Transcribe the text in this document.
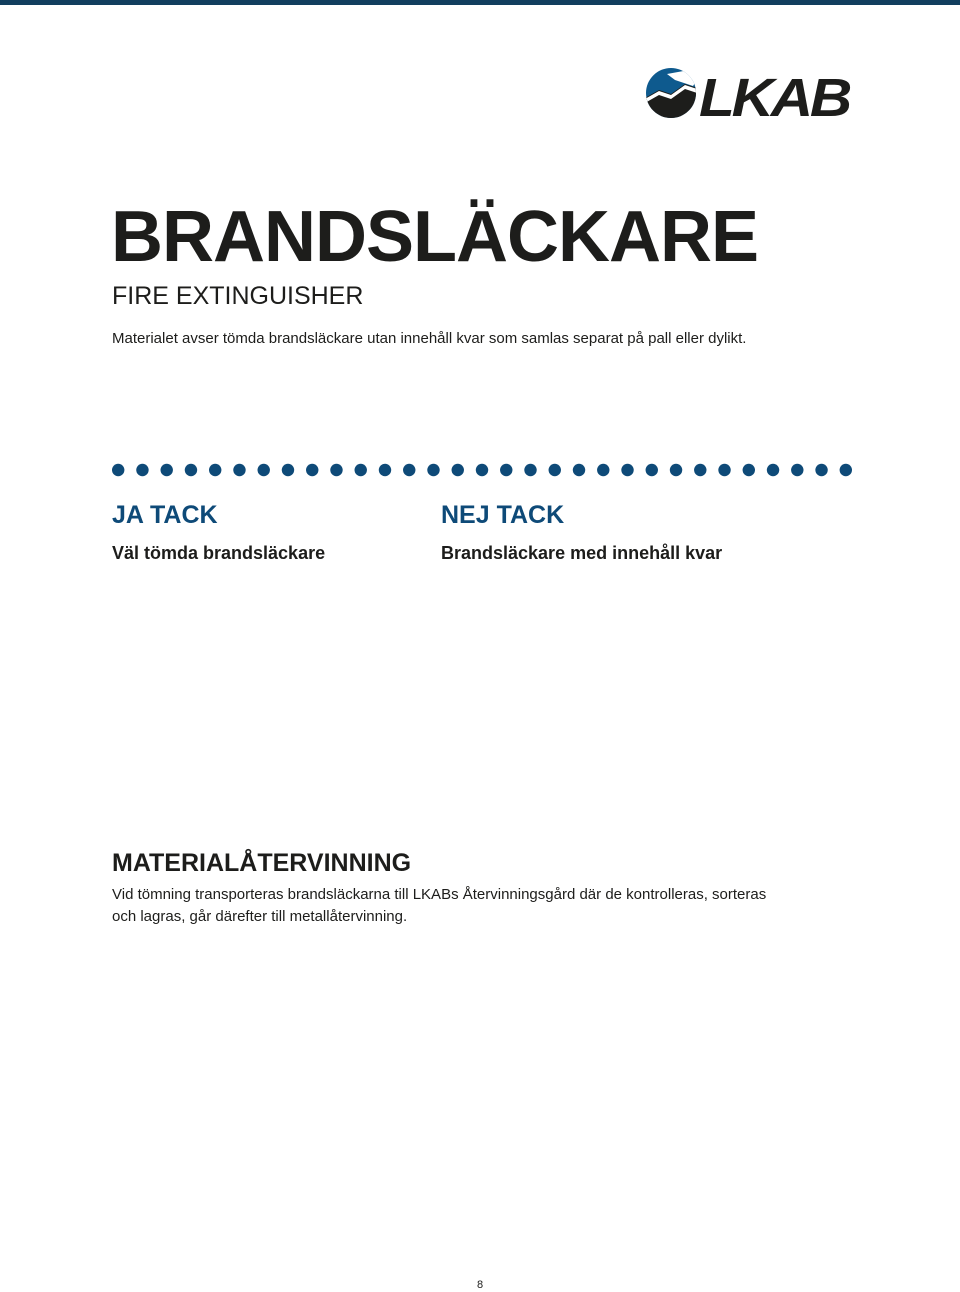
LKAB
BRANDSLÄCKARE
FIRE EXTINGUISHER

Materialet avser tömda brandsläckare utan innehåll kvar som samlas separat på pall eller dylikt.

JA TACK

Väl tömda brandsläckare

NEJ TACK

Brandsläckare med innehåll kvar

MATERIALÅTERVINNING

Vid tömning transporteras brandsläckarna till LKABs Återvinningsgård där de kontrolleras, sorteras
och lagras, går därefter till metallåtervinning.

8
